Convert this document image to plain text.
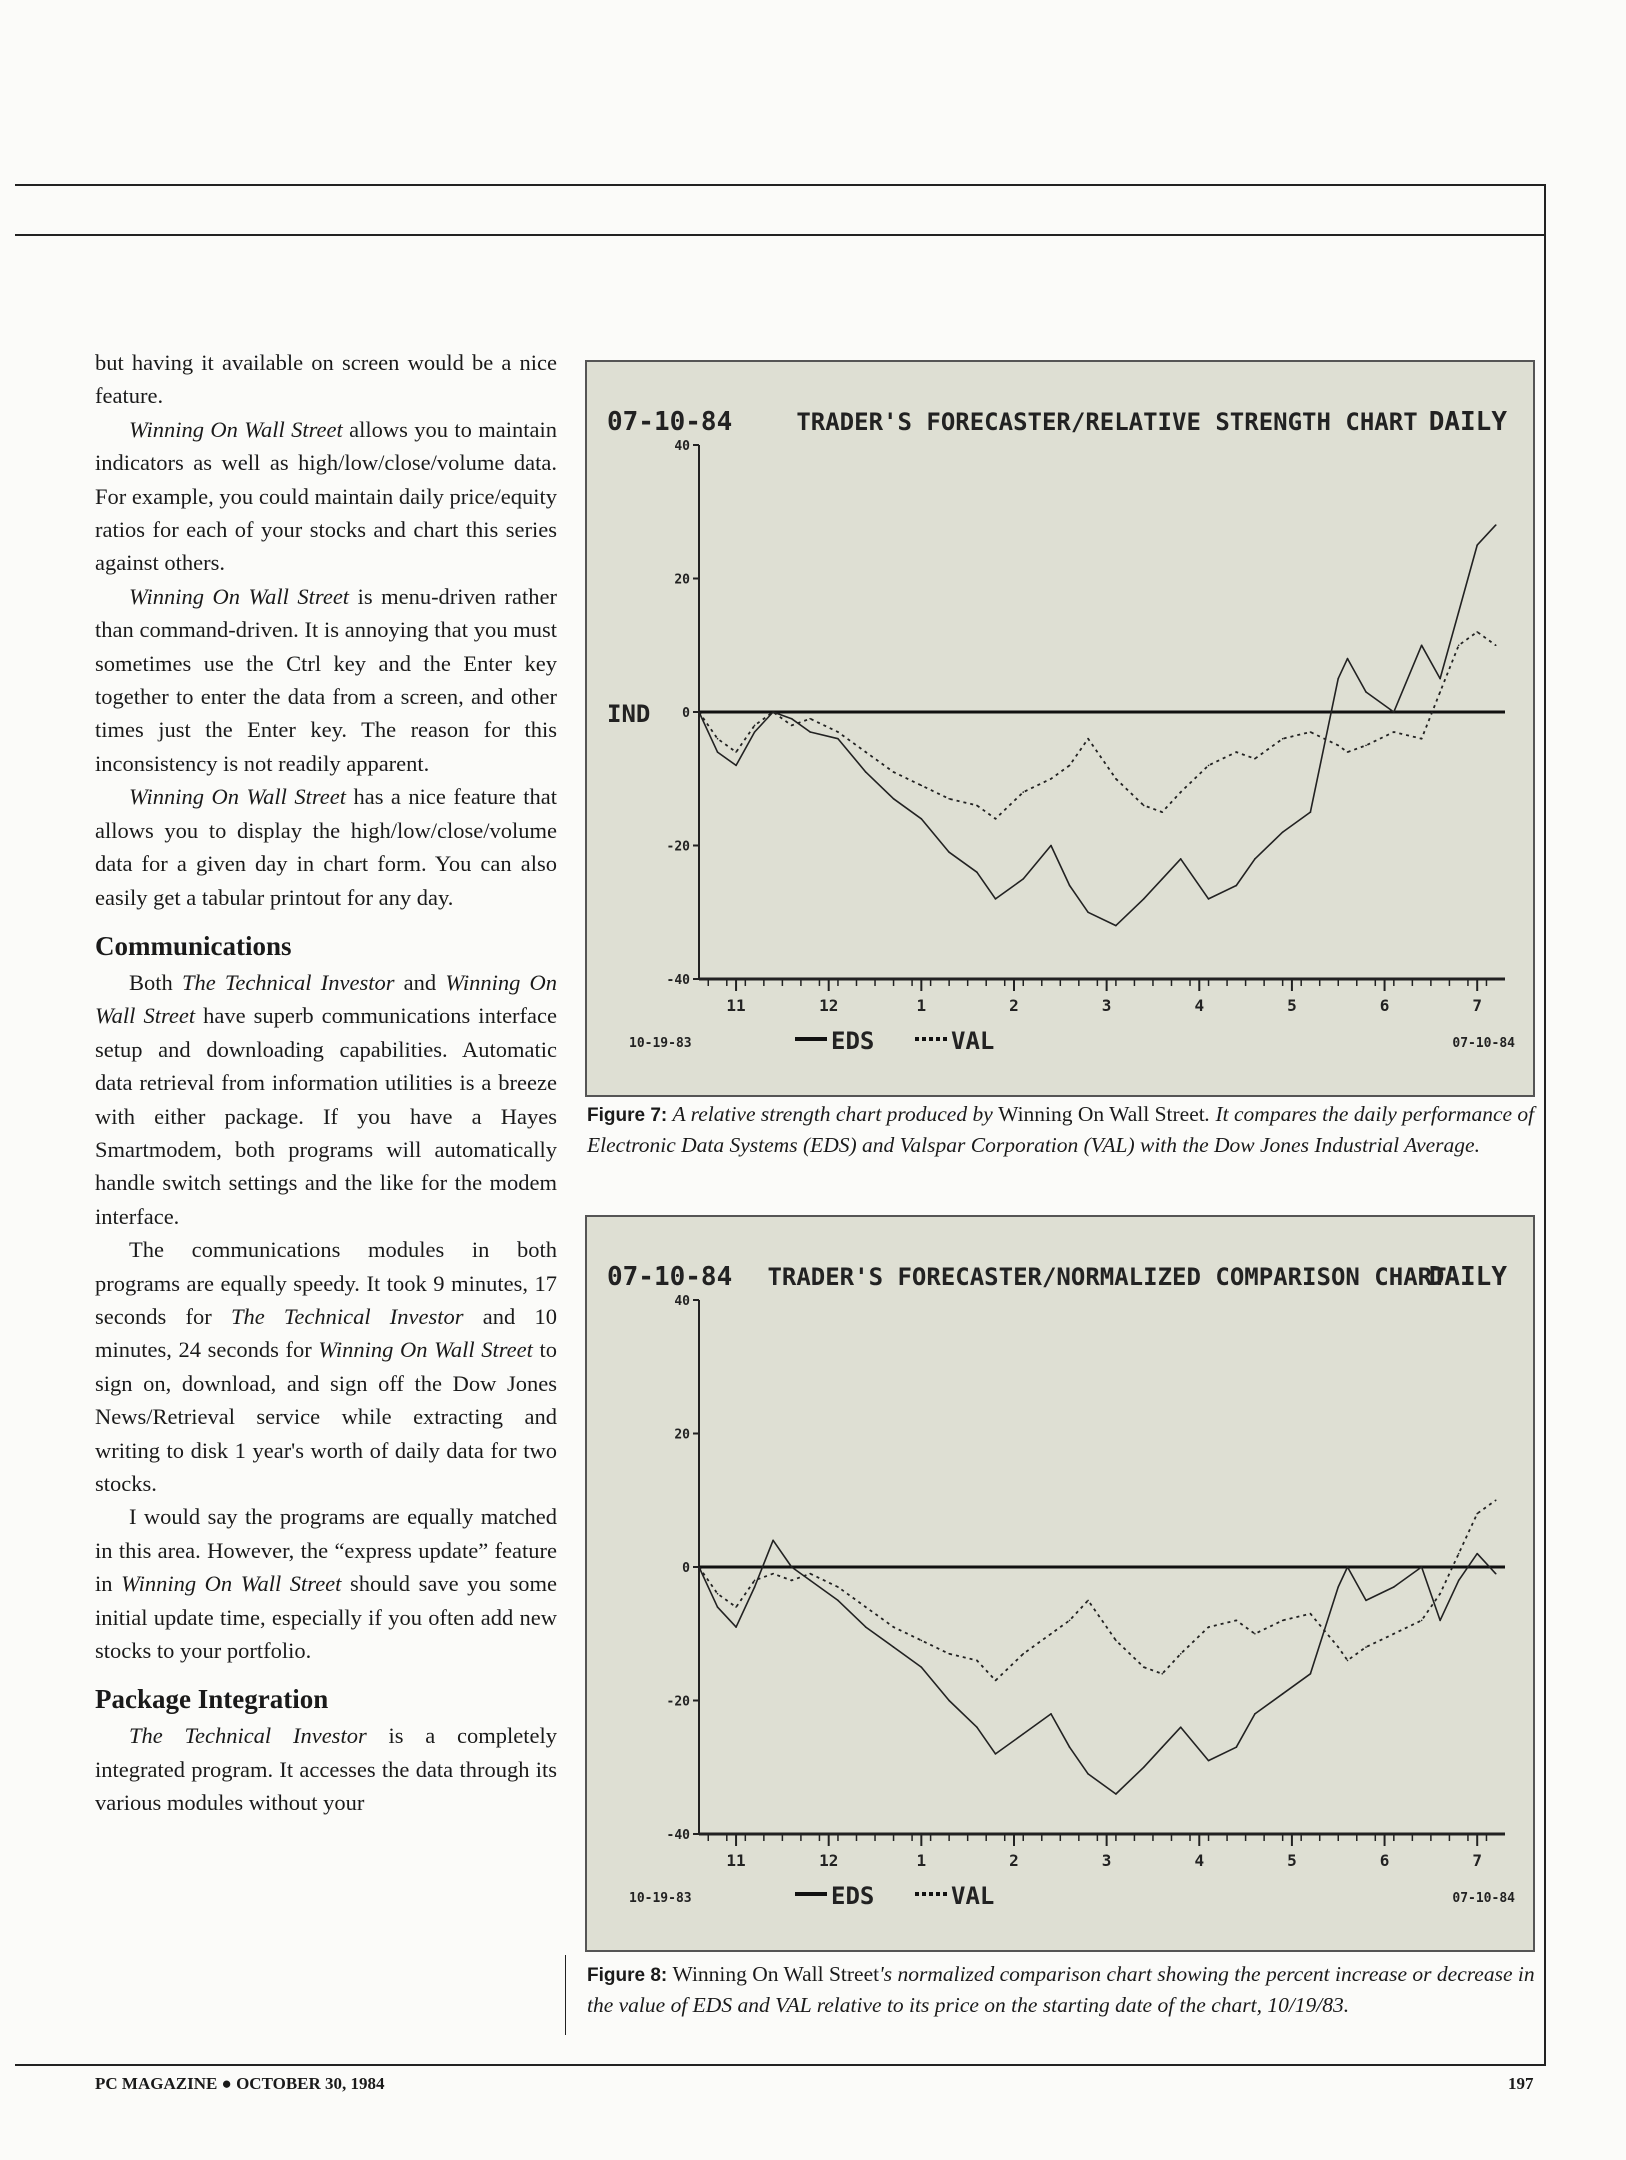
but having it available on screen would be a nice feature.

Winning On Wall Street allows you to maintain indicators as well as high/low/close/volume data. For example, you could maintain daily price/equity ratios for each of your stocks and chart this series against others.

Winning On Wall Street is menu-driven rather than command-driven. It is annoying that you must sometimes use the Ctrl key and the Enter key together to enter the data from a screen, and other times just the Enter key. The reason for this inconsistency is not readily apparent.

Winning On Wall Street has a nice feature that allows you to display the high/low/close/volume data for a given day in chart form. You can also easily get a tabular printout for any day.

Communications

Both The Technical Investor and Winning On Wall Street have superb communications interface setup and downloading capabilities. Automatic data retrieval from information utilities is a breeze with either package. If you have a Hayes Smartmodem, both programs will automatically handle switch settings and the like for the modem interface.

The communications modules in both programs are equally speedy. It took 9 minutes, 17 seconds for The Technical Investor and 10 minutes, 24 seconds for Winning On Wall Street to sign on, download, and sign off the Dow Jones News/Retrieval service while extracting and writing to disk 1 year's worth of daily data for two stocks.

I would say the programs are equally matched in this area. However, the “express update” feature in Winning On Wall Street should save you some initial update time, especially if you often add new stocks to your portfolio.

Package Integration

The Technical Investor is a completely integrated program. It accesses the data through its various modules without your

07-10-84	TRADER'S FORECASTER/RELATIVE STRENGTH CHART DAILY
IND
40
20
0
-20
-40
11	12	1	2	3	4	5	6	7
10-19-83	07-10-84
EDS	VAL
Figure 7: A relative strength chart produced by Winning On Wall Street. It compares the daily performance of Electronic Data Systems (EDS) and Valspar Corporation (VAL) with the Dow Jones Industrial Average.
07-10-84 TRADER'S FORECASTER/NORMALIZED COMPARISON CHART
DAILY
40
20
0
-20
-40
11	12	1	2	3	4	5	6	7
10-19-83	07-10-84
EDS	VAL
Figure 8: Winning On Wall Street's normalized comparison chart showing the percent increase or decrease in the value of EDS and VAL relative to its price on the starting date of the chart, 10/19/83.
PC MAGAZINE ● OCTOBER 30, 1984	197
